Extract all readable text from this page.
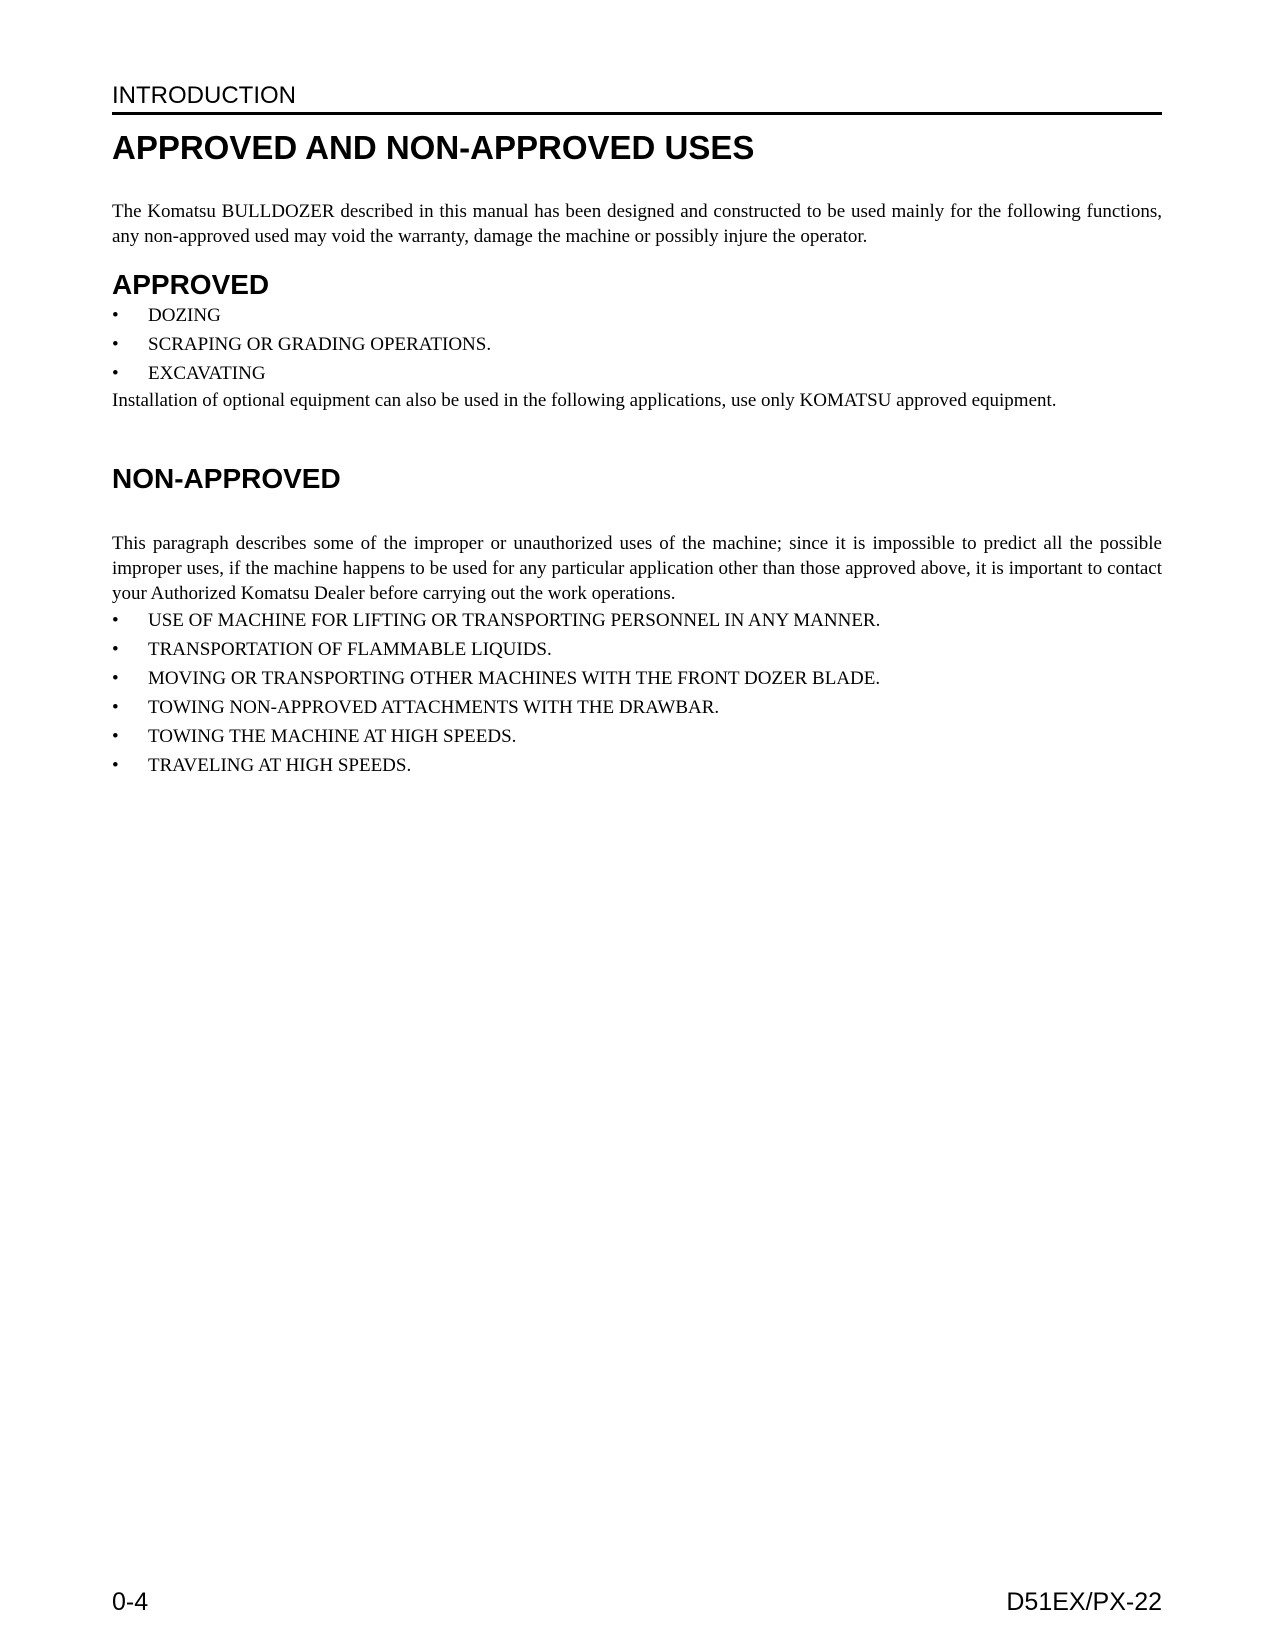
INTRODUCTION
APPROVED AND NON-APPROVED USES

The Komatsu BULLDOZER described in this manual has been designed and constructed to be used mainly for the following functions, any non-approved used may void the warranty, damage the machine or possibly injure the operator.

APPROVED
• DOZING
• SCRAPING OR GRADING OPERATIONS.
• EXCAVATING

Installation of optional equipment can also be used in the following applications, use only KOMATSU approved equipment.

NON-APPROVED

This paragraph describes some of the improper or unauthorized uses of the machine; since it is impossible to predict all the possible improper uses, if the machine happens to be used for any particular application other than those approved above, it is important to contact your Authorized Komatsu Dealer before carrying out the work operations.

• USE OF MACHINE FOR LIFTING OR TRANSPORTING PERSONNEL IN ANY MANNER.
• TRANSPORTATION OF FLAMMABLE LIQUIDS.
• MOVING OR TRANSPORTING OTHER MACHINES WITH THE FRONT DOZER BLADE.
• TOWING NON-APPROVED ATTACHMENTS WITH THE DRAWBAR.
• TOWING THE MACHINE AT HIGH SPEEDS.
• TRAVELING AT HIGH SPEEDS.
0-4	D51EX/PX-22
